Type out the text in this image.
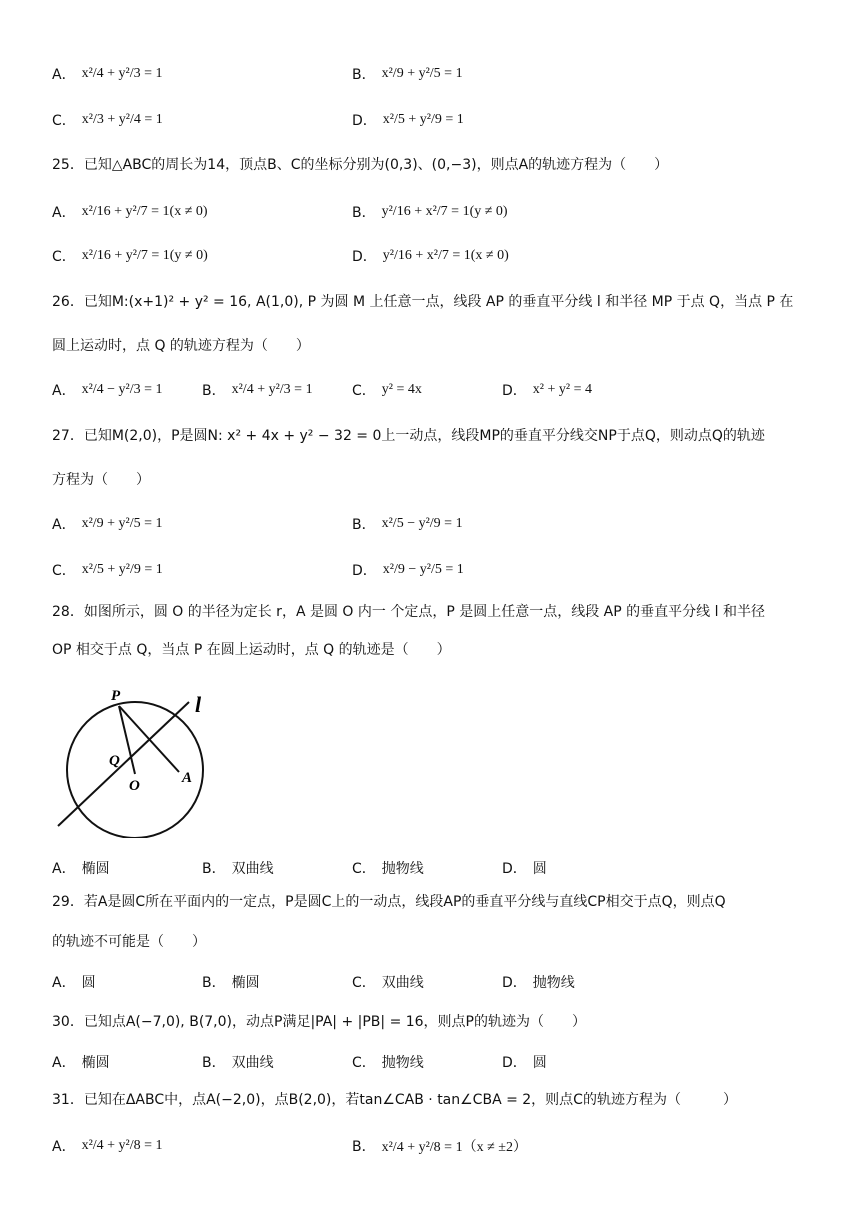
A． x²/4 + y²/3 = 1	B． x²/9 + y²/5 = 1
C． x²/3 + y²/4 = 1	D． x²/5 + y²/9 = 1
25．已知△ABC的周长为14，顶点B、C的坐标分别为(0,3)、(0,−3)，则点A的轨迹方程为（　　）
A． x²/16 + y²/7 = 1(x ≠ 0)	B． y²/16 + x²/7 = 1(y ≠ 0)
C． x²/16 + y²/7 = 1(y ≠ 0)	D． y²/16 + x²/7 = 1(x ≠ 0)
26．已知M:(x+1)² + y² = 16, A(1,0), P 为圆 M 上任意一点，线段 AP 的垂直平分线 l 和半径 MP 于点 Q，当点 P 在
圆上运动时，点 Q 的轨迹方程为（　　）
A． x²/4 − y²/3 = 1	B． x²/4 + y²/3 = 1	C． y² = 4x	D． x² + y² = 4
27．已知M(2,0)，P是圆N: x² + 4x + y² − 32 = 0上一动点，线段MP的垂直平分线交NP于点Q，则动点Q的轨迹
方程为（　　）
A． x²/9 + y²/5 = 1	B． x²/5 − y²/9 = 1
C． x²/5 + y²/9 = 1	D． x²/9 − y²/5 = 1
28．如图所示，圆 O 的半径为定长 r，A 是圆 O 内一 个定点，P 是圆上任意一点，线段 AP 的垂直平分线 l 和半径
OP 相交于点 Q，当点 P 在圆上运动时，点 Q 的轨迹是（　　）
P	l
Q
O	A
A． 椭圆	B． 双曲线	C． 抛物线	D． 圆
29．若A是圆C所在平面内的一定点，P是圆C上的一动点，线段AP的垂直平分线与直线CP相交于点Q，则点Q
的轨迹不可能是（　　）
A． 圆	B． 椭圆	C． 双曲线	D． 抛物线
30．已知点A(−7,0), B(7,0)，动点P满足|PA| + |PB| = 16，则点P的轨迹为（　　）
A． 椭圆	B． 双曲线	C． 抛物线	D． 圆
31．已知在ΔABC中，点A(−2,0)，点B(2,0)，若tan∠CAB · tan∠CBA = 2，则点C的轨迹方程为（　　　）
A． x²/4 + y²/8 = 1	B． x²/4 + y²/8 = 1（x ≠ ±2）
